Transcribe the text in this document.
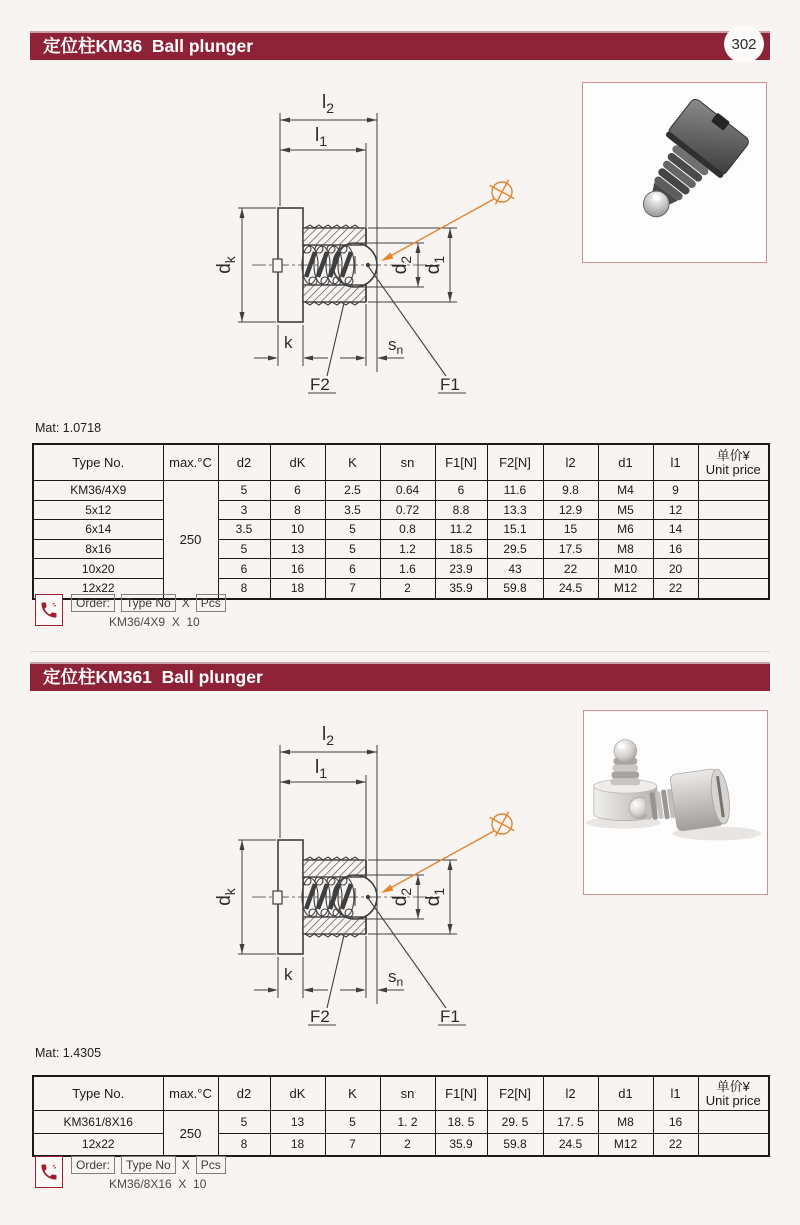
定位柱KM36  Ball plunger	302
Mat: 1.0718
Type No.	max.°C	d2	dK	K	sn	F1[N]	F2[N]	l2	d1	l1	单价¥
Unit price
KM36/4X9	250	5	6	2.5	0.64	6	11.6	9.8	M4	9	
5x12		3	8	3.5	0.72	8.8	13.3	12.9	M5	12	
6x14		3.5	10	5	0.8	11.2	15.1	15	M6	14	
8x16		5	13	5	1.2	18.5	29.5	17.5	M8	16	
10x20		6	16	6	1.6	23.9	43	22	M10	20	
12x22		8	18	7	2	35.9	59.8	24.5	M12	22	
Order:	Type No X Pcs
KM36/4X9  X  10
定位柱KM361  Ball plunger
Mat: 1.4305
Type No.	max.°C	d2	dK	K	sn	F1[N]	F2[N]	l2	d1	l1	单价¥
Unit price
KM361/8X16	250	5	13	5	1. 2	18. 5	29. 5	17. 5	M8	16	
12x22		8	18	7	2	35.9	59.8	24.5	M12	22	
Order:	Type No X Pcs
KM36/8X16  X  10
